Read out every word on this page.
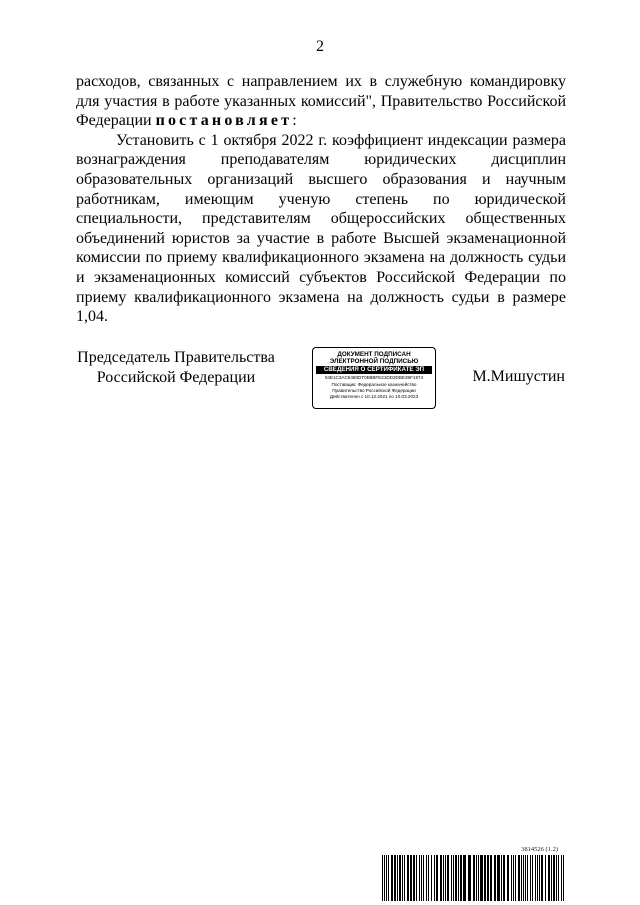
2

расходов, связанных с направлением их в служебную командировку для участия в работе указанных комиссий", Правительство Российской Федерации постановляет:

Установить с 1 октября 2022 г. коэффициент индексации размера вознаграждения преподавателям юридических дисциплин образовательных организаций высшего образования и научным работникам, имеющим ученую степень по юридической специальности, представителям общероссийских общественных объединений юристов за участие в работе Высшей экзаменационной комиссии по приему квалификационного экзамена на должность судьи и экзаменационных комиссий субъектов Российской Федерации по приему квалификационного экзамена на должность судьи в размере 1,04.

Председатель Правительства
Российской Федерации
ДОКУМЕНТ ПОДПИСАН
ЭЛЕКТРОННОЙ ПОДПИСЬЮ
СВЕДЕНИЯ О СЕРТИФИКАТЕ ЭП
04E1C3AC5480DT0B8BFE21DD3DBE39F1974
Поставщик: Федеральное казначейство
Правительство Российской Федерации
Действителен с 10.12.2021 по 10.03.2023
М.Мишустин
3814526 (1.2)
